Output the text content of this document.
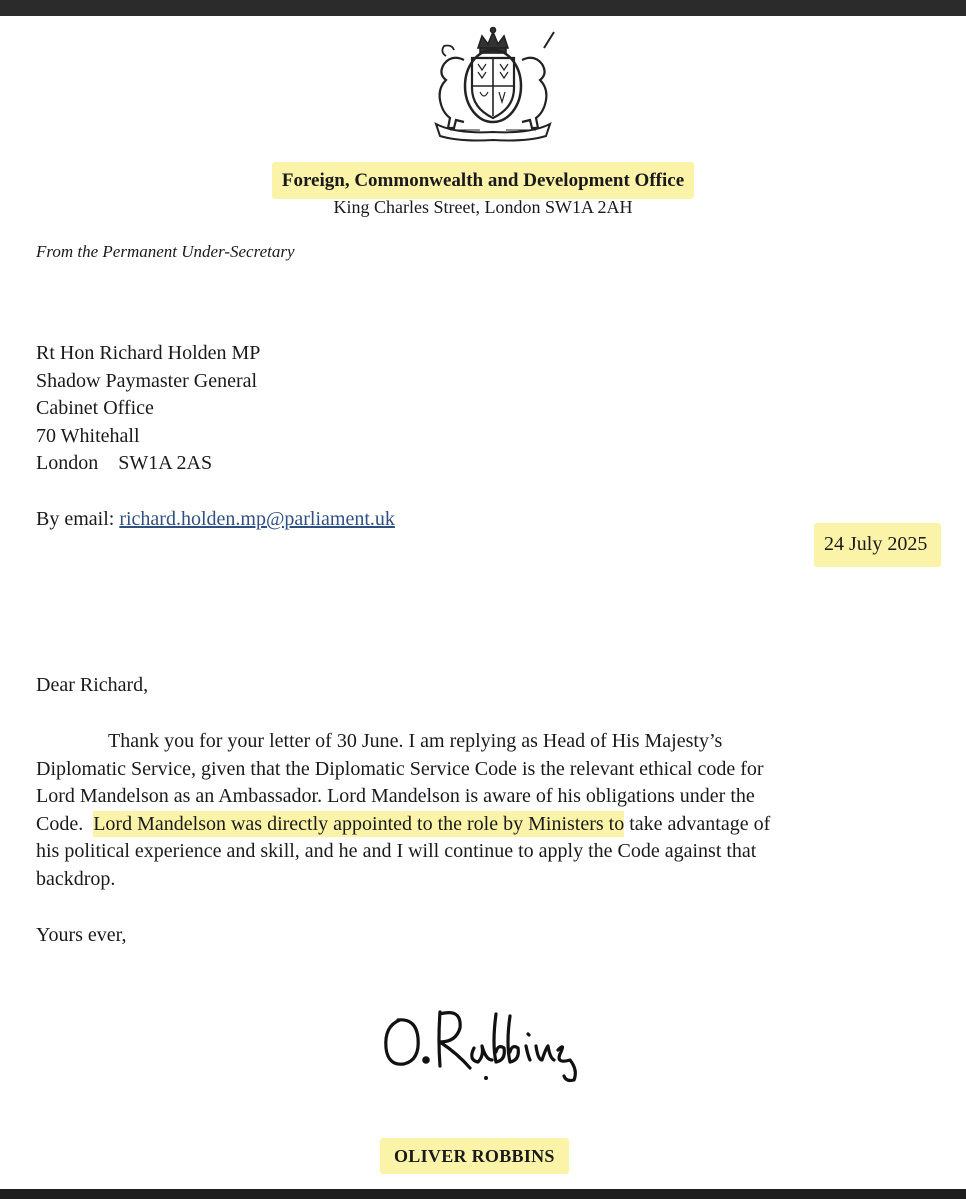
Foreign, Commonwealth and Development Office
King Charles Street, London SW1A 2AH
From the Permanent Under-Secretary
Rt Hon Richard Holden MP
Shadow Paymaster General
Cabinet Office
70 Whitehall
London    SW1A 2AS
By email: richard.holden.mp@parliament.uk
24 July 2025
Dear Richard,
Thank you for your letter of 30 June. I am replying as Head of His Majesty’s
Diplomatic Service, given that the Diplomatic Service Code is the relevant ethical code for
Lord Mandelson as an Ambassador. Lord Mandelson is aware of his obligations under the
Code.  Lord Mandelson was directly appointed to the role by Ministers to take advantage of
his political experience and skill, and he and I will continue to apply the Code against that
backdrop.
Yours ever,
OLIVER ROBBINS
